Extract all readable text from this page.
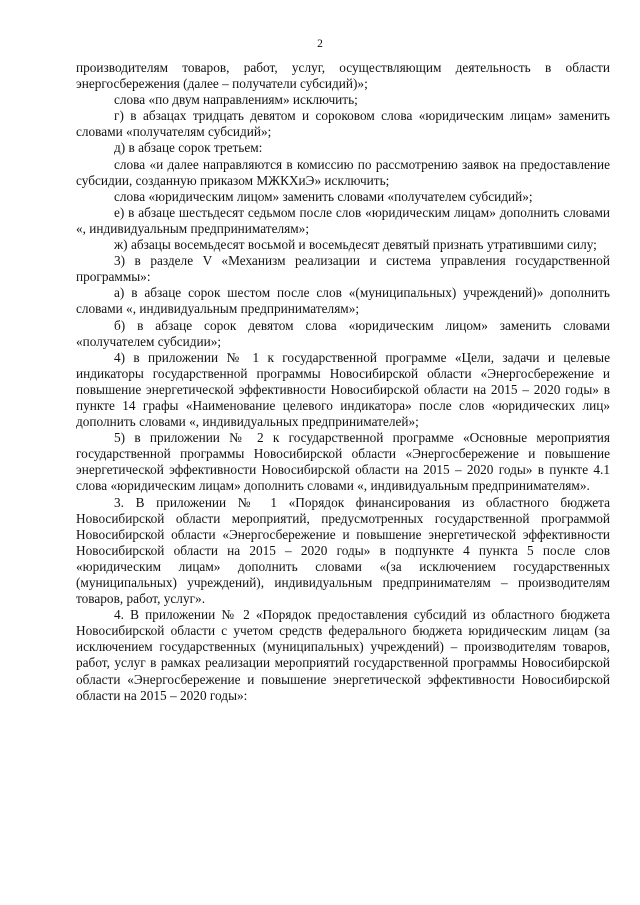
2

производителям товаров, работ, услуг, осуществляющим деятельность в области энергосбережения (далее – получатели субсидий)»;

слова «по двум направлениям» исключить;

г) в абзацах тридцать девятом и сороковом слова «юридическим лицам» заменить словами «получателям субсидий»;

д) в абзаце сорок третьем:

слова «и далее направляются в комиссию по рассмотрению заявок на предоставление субсидии, созданную приказом МЖКХиЭ» исключить;

слова «юридическим лицом» заменить словами «получателем субсидий»;

е) в абзаце шестьдесят седьмом после слов «юридическим лицам» дополнить словами «, индивидуальным предпринимателям»;

ж) абзацы восемьдесят восьмой и восемьдесят девятый признать утратившими силу;

3) в разделе V «Механизм реализации и система управления государственной программы»:

а) в абзаце сорок шестом после слов «(муниципальных) учреждений)» дополнить словами «, индивидуальным предпринимателям»;

б) в абзаце сорок девятом слова «юридическим лицом» заменить словами «получателем субсидии»;

4) в приложении № 1 к государственной программе «Цели, задачи и целевые индикаторы государственной программы Новосибирской области «Энергосбережение и повышение энергетической эффективности Новосибирской области на 2015 – 2020 годы» в пункте 14 графы «Наименование целевого индикатора» после слов «юридических лиц» дополнить словами «, индивидуальных предпринимателей»;

5) в приложении № 2 к государственной программе «Основные мероприятия государственной программы Новосибирской области «Энергосбережение и повышение энергетической эффективности Новосибирской области на 2015 – 2020 годы» в пункте 4.1 слова «юридическим лицам» дополнить словами «, индивидуальным предпринимателям».

3. В приложении № 1 «Порядок финансирования из областного бюджета Новосибирской области мероприятий, предусмотренных государственной программой Новосибирской области «Энергосбережение и повышение энергетической эффективности Новосибирской области на 2015 – 2020 годы» в подпункте 4 пункта 5 после слов «юридическим лицам» дополнить словами «(за исключением государственных (муниципальных) учреждений), индивидуальным предпринимателям – производителям товаров, работ, услуг».

4. В приложении № 2 «Порядок предоставления субсидий из областного бюджета Новосибирской области с учетом средств федерального бюджета юридическим лицам (за исключением государственных (муниципальных) учреждений) – производителям товаров, работ, услуг в рамках реализации мероприятий государственной программы Новосибирской области «Энергосбережение и повышение энергетической эффективности Новосибирской области на 2015 – 2020 годы»:
